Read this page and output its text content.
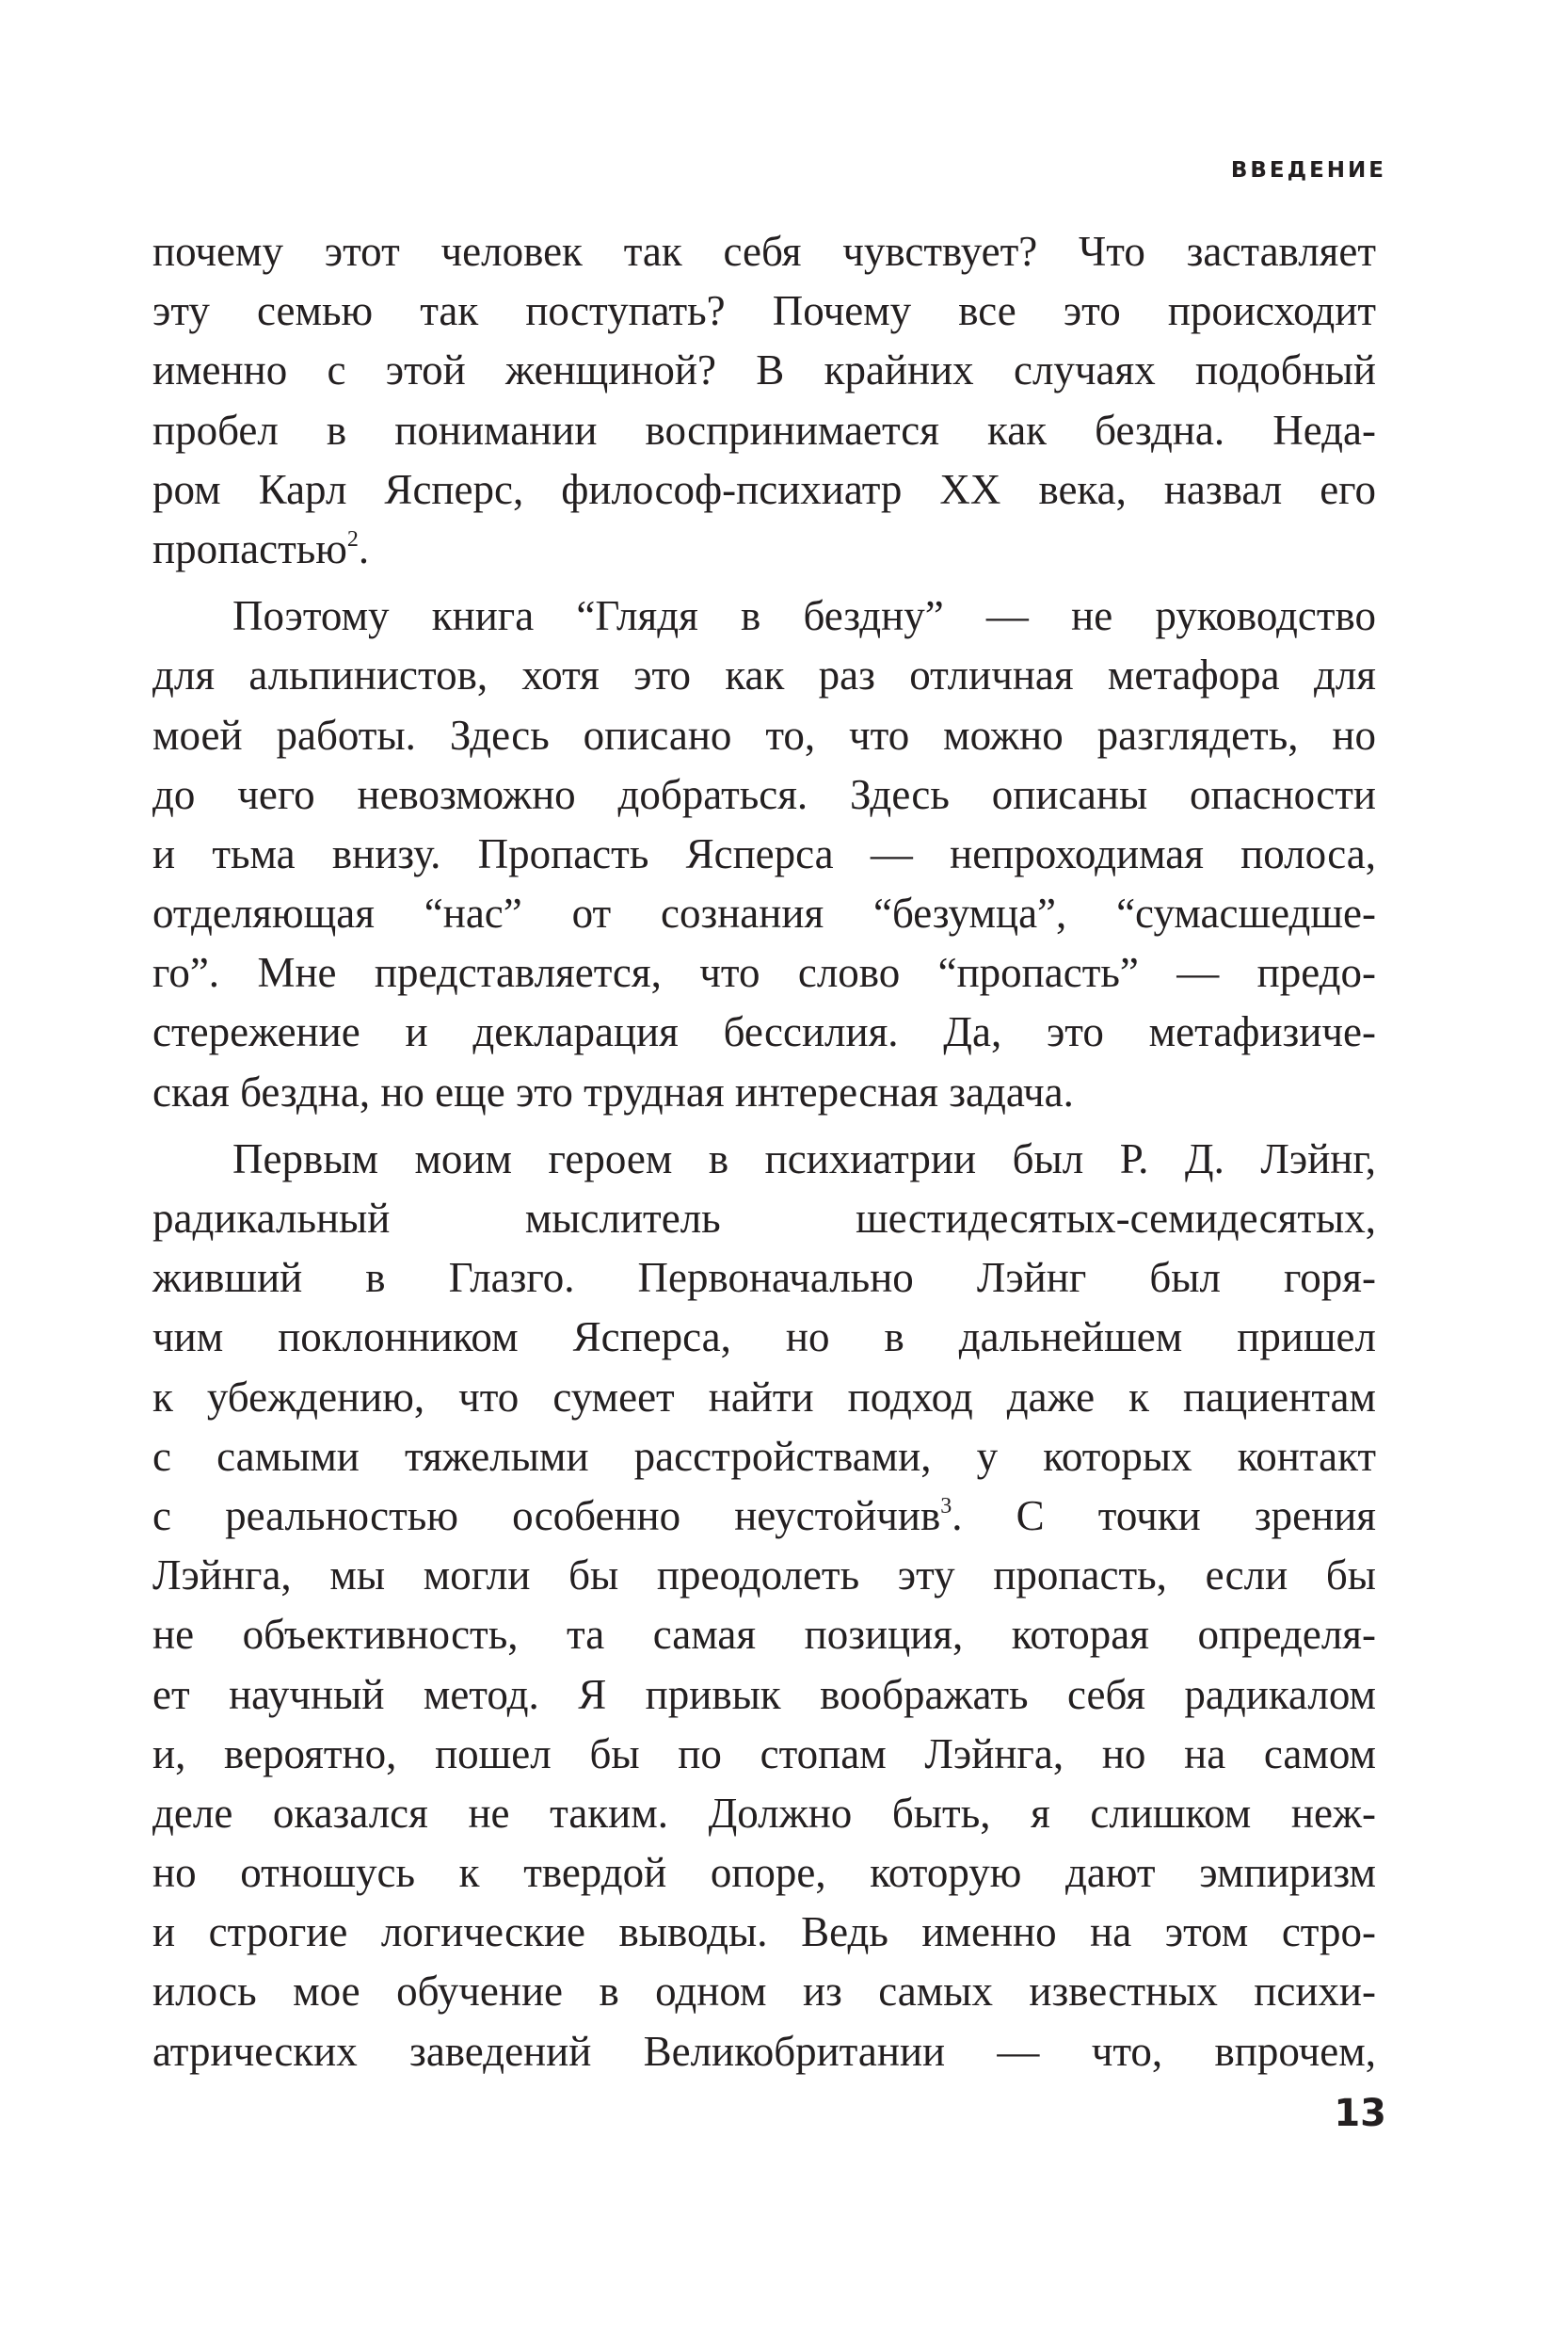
ВВЕДЕНИЕ
почему этот человек так себя чувствует? Что заставляет
эту семью так поступать? Почему все это происходит
именно с этой женщиной? В крайних случаях подобный
пробел в понимании воспринимается как бездна. Неда-
ром Карл Ясперс, философ-психиатр XX века, назвал его
пропастью$^2$.
Поэтому книга “Глядя в бездну” — не руководство
для альпинистов, хотя это как раз отличная метафора для
моей работы. Здесь описано то, что можно разглядеть, но
до чего невозможно добраться. Здесь описаны опасности
и тьма внизу. Пропасть Ясперса — непроходимая полоса,
отделяющая “нас” от сознания “безумца”, “сумасшедше-
го”. Мне представляется, что слово “пропасть” — предо-
стережение и декларация бессилия. Да, это метафизиче-
ская бездна, но еще это трудная интересная задача.
Первым моим героем в психиатрии был Р. Д. Лэйнг,
радикальный мыслитель шестидесятых-семидесятых,
живший в Глазго. Первоначально Лэйнг был горя-
чим поклонником Ясперса, но в дальнейшем пришел
к убеждению, что сумеет найти подход даже к пациентам
с самыми тяжелыми расстройствами, у которых контакт
с реальностью особенно неустойчив$^3$. С точки зрения
Лэйнга, мы могли бы преодолеть эту пропасть, если бы
не объективность, та самая позиция, которая определя-
ет научный метод. Я привык воображать себя радикалом
и, вероятно, пошел бы по стопам Лэйнга, но на самом
деле оказался не таким. Должно быть, я слишком неж-
но отношусь к твердой опоре, которую дают эмпиризм
и строгие логические выводы. Ведь именно на этом стро-
илось мое обучение в одном из самых известных психи-
атрических заведений Великобритании — что, впрочем,
13
